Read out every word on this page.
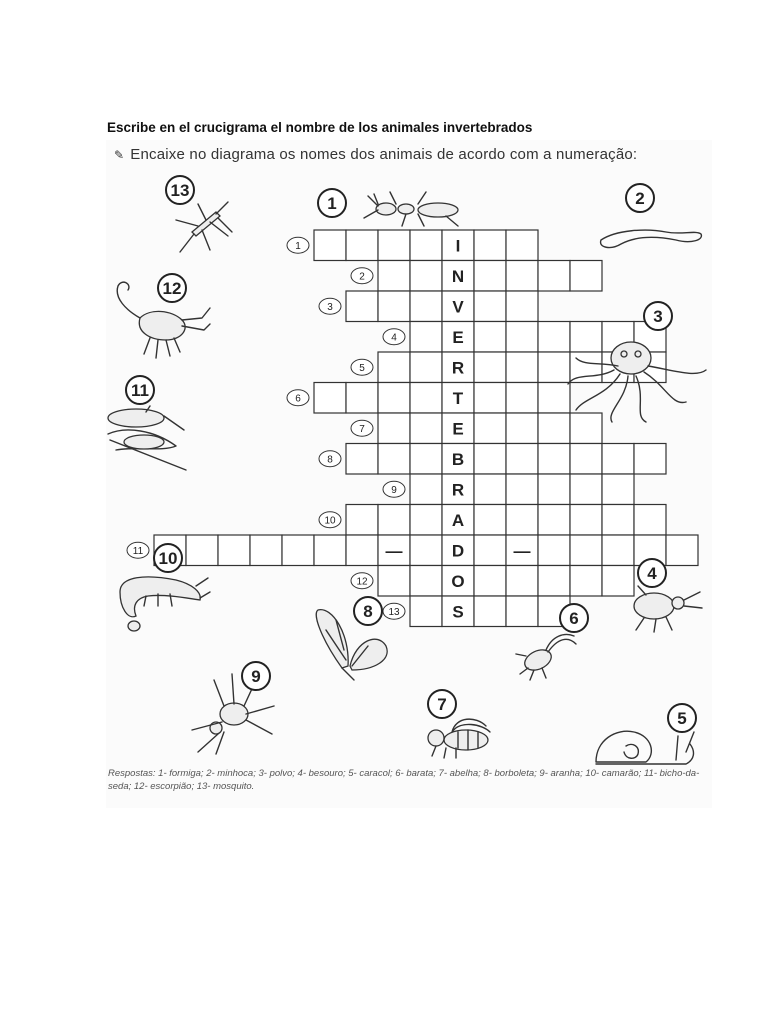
Escribe en el crucigrama el nombre de los animales invertebrados
✎ Encaixe no diagrama os nomes dos animais de acordo com a numeração:
I
1
N
2
V
3
E
4
R
5
T
6
E
7
B
8
R
9
A
10
D
11
O
12
S
13
—	—
1	2
3
4
5
6
7
8
9
10
11
12
13
Respostas: 1- formiga; 2- minhoca; 3- polvo; 4- besouro; 5- caracol; 6- barata; 7- abelha; 8- borboleta; 9- aranha; 10- camarão; 11- bicho-da-seda; 12- escorpião; 13- mosquito.
